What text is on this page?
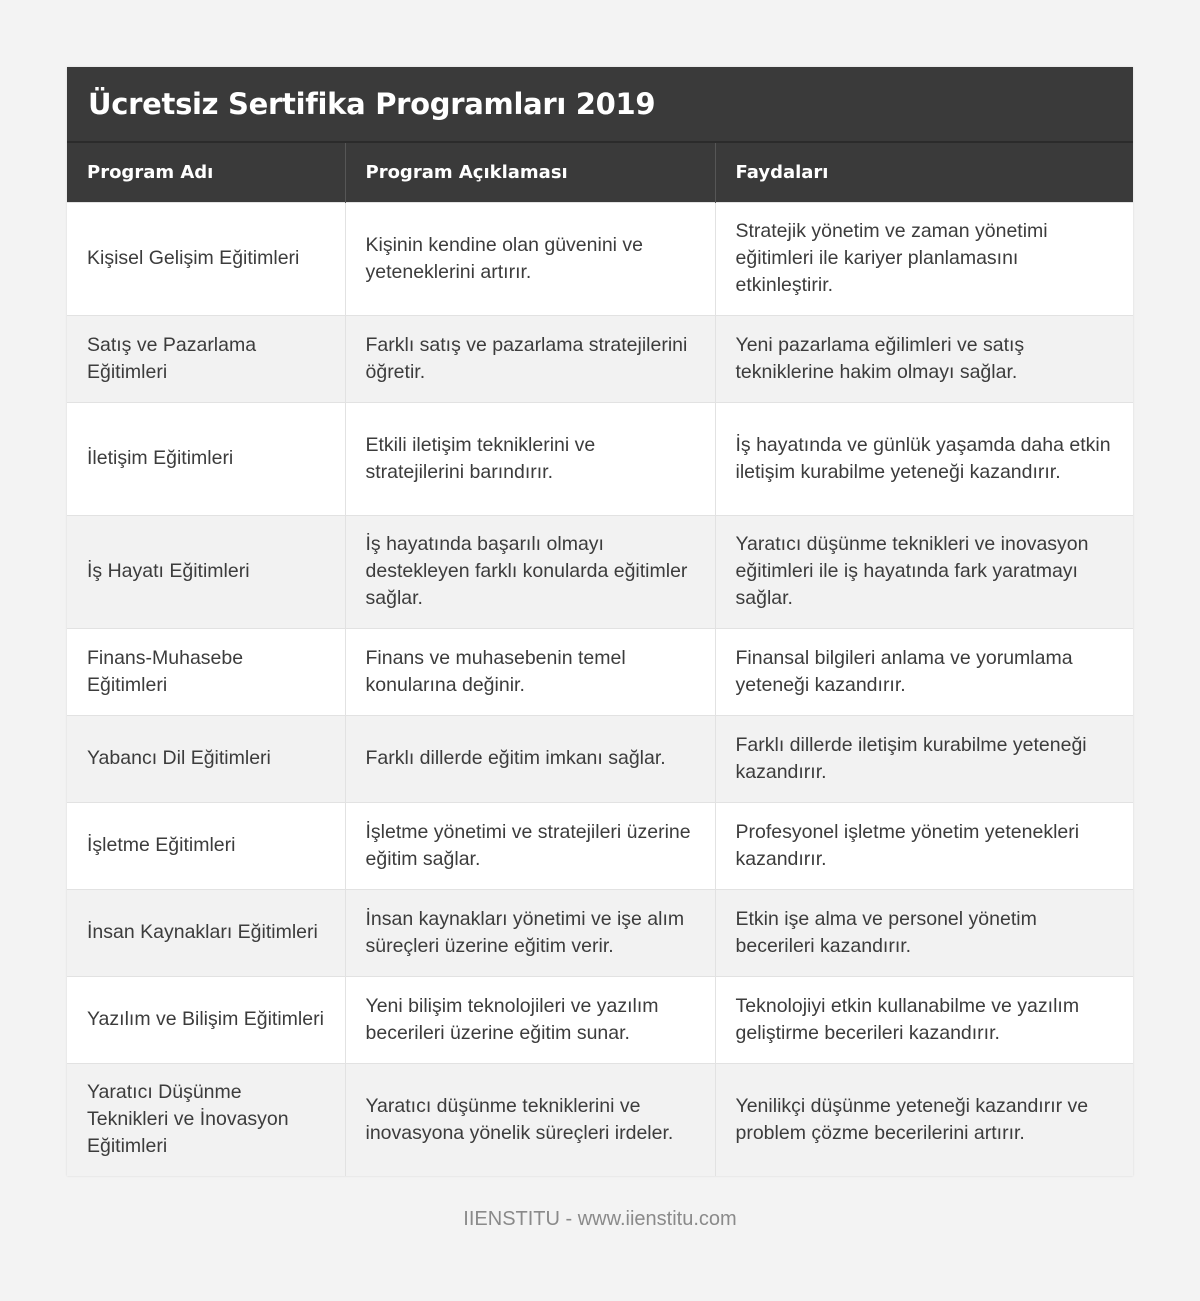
Ücretsiz Sertifika Programları 2019
Program Adı	Program Açıklaması	Faydaları
Kişisel Gelişim Eğitimleri	Kişinin kendine olan güvenini ve yeteneklerini artırır.	Stratejik yönetim ve zaman yönetimi eğitimleri ile kariyer planlamasını etkinleştirir.
Satış ve Pazarlama Eğitimleri	Farklı satış ve pazarlama stratejilerini öğretir.	Yeni pazarlama eğilimleri ve satış tekniklerine hakim olmayı sağlar.
İletişim Eğitimleri	Etkili iletişim tekniklerini ve stratejilerini barındırır.	İş hayatında ve günlük yaşamda daha etkin iletişim kurabilme yeteneği kazandırır.
İş Hayatı Eğitimleri	İş hayatında başarılı olmayı destekleyen farklı konularda eğitimler sağlar.	Yaratıcı düşünme teknikleri ve inovasyon eğitimleri ile iş hayatında fark yaratmayı sağlar.
Finans-Muhasebe Eğitimleri	Finans ve muhasebenin temel konularına değinir.	Finansal bilgileri anlama ve yorumlama yeteneği kazandırır.
Yabancı Dil Eğitimleri	Farklı dillerde eğitim imkanı sağlar.	Farklı dillerde iletişim kurabilme yeteneği kazandırır.
İşletme Eğitimleri	İşletme yönetimi ve stratejileri üzerine eğitim sağlar.	Profesyonel işletme yönetim yetenekleri kazandırır.
İnsan Kaynakları Eğitimleri	İnsan kaynakları yönetimi ve işe alım süreçleri üzerine eğitim verir.	Etkin işe alma ve personel yönetim becerileri kazandırır.
Yazılım ve Bilişim Eğitimleri	Yeni bilişim teknolojileri ve yazılım becerileri üzerine eğitim sunar.	Teknolojiyi etkin kullanabilme ve yazılım geliştirme becerileri kazandırır.
Yaratıcı Düşünme Teknikleri ve İnovasyon Eğitimleri	Yaratıcı düşünme tekniklerini ve inovasyona yönelik süreçleri irdeler.	Yenilikçi düşünme yeteneği kazandırır ve problem çözme becerilerini artırır.
IIENSTITU - www.iienstitu.com
